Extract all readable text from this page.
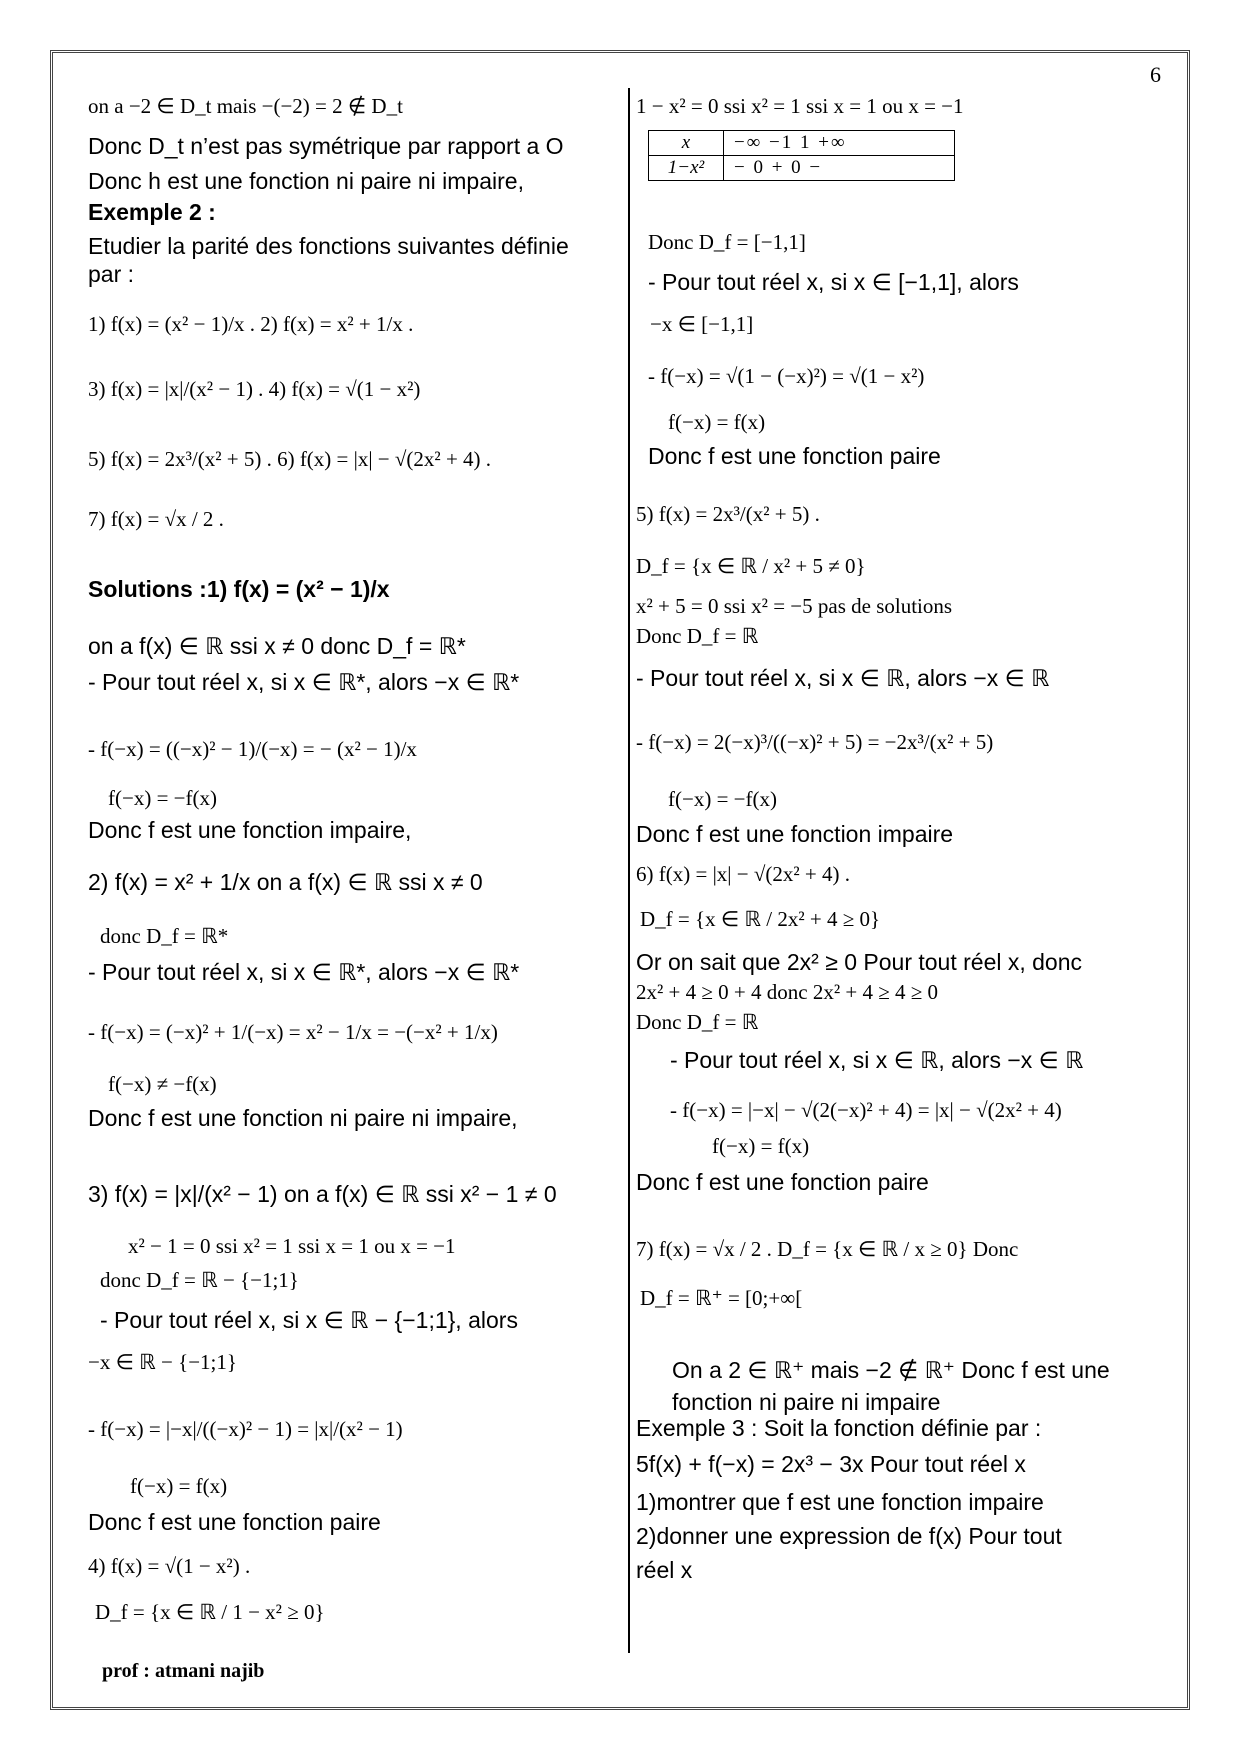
6
on a −2 ∈ D_t mais −(−2) = 2 ∉ D_t
Donc D_t n’est pas symétrique par rapport a O
Donc h est une fonction ni paire ni impaire,
Exemple 2 :
Etudier la parité des fonctions suivantes définie
par :
1) f(x) = (x² − 1)/x . 2) f(x) = x² + 1/x .
3) f(x) = |x|/(x² − 1) . 4) f(x) = √(1 − x²)
5) f(x) = 2x³/(x² + 5) . 6) f(x) = |x| − √(2x² + 4) .
7) f(x) = √x / 2 .
Solutions :1) f(x) = (x² − 1)/x
on a f(x) ∈ ℝ ssi x ≠ 0 donc D_f = ℝ*
- Pour tout réel x, si x ∈ ℝ*, alors −x ∈ ℝ*
- f(−x) = ((−x)² − 1)/(−x) = − (x² − 1)/x
f(−x) = −f(x)
Donc f est une fonction impaire,
2) f(x) = x² + 1/x on a f(x) ∈ ℝ ssi x ≠ 0
donc D_f = ℝ*
- Pour tout réel x, si x ∈ ℝ*, alors −x ∈ ℝ*
- f(−x) = (−x)² + 1/(−x) = x² − 1/x = −(−x² + 1/x)
f(−x) ≠ −f(x)
Donc f est une fonction ni paire ni impaire,
3) f(x) = |x|/(x² − 1) on a f(x) ∈ ℝ ssi x² − 1 ≠ 0
x² − 1 = 0 ssi x² = 1 ssi x = 1 ou x = −1
donc D_f = ℝ − {−1;1}
- Pour tout réel x, si x ∈ ℝ − {−1;1}, alors
−x ∈ ℝ − {−1;1}
- f(−x) = |−x|/((−x)² − 1) = |x|/(x² − 1)
f(−x) = f(x)
Donc f est une fonction paire
4) f(x) = √(1 − x²) .
D_f = {x ∈ ℝ / 1 − x² ≥ 0}
1 − x² = 0 ssi x² = 1 ssi x = 1 ou x = −1
x	−∞ −1 1 +∞
1−x²	− 0 + 0 −
Donc D_f = [−1,1]
- Pour tout réel x, si x ∈ [−1,1], alors
−x ∈ [−1,1]
- f(−x) = √(1 − (−x)²) = √(1 − x²)
f(−x) = f(x)
Donc f est une fonction paire
5) f(x) = 2x³/(x² + 5) .
D_f = {x ∈ ℝ / x² + 5 ≠ 0}
x² + 5 = 0 ssi x² = −5 pas de solutions
Donc D_f = ℝ
- Pour tout réel x, si x ∈ ℝ, alors −x ∈ ℝ
- f(−x) = 2(−x)³/((−x)² + 5) = −2x³/(x² + 5)
f(−x) = −f(x)
Donc f est une fonction impaire
6) f(x) = |x| − √(2x² + 4) .
D_f = {x ∈ ℝ / 2x² + 4 ≥ 0}
Or on sait que 2x² ≥ 0 Pour tout réel x, donc
2x² + 4 ≥ 0 + 4 donc 2x² + 4 ≥ 4 ≥ 0
Donc D_f = ℝ
- Pour tout réel x, si x ∈ ℝ, alors −x ∈ ℝ
- f(−x) = |−x| − √(2(−x)² + 4) = |x| − √(2x² + 4)
f(−x) = f(x)
Donc f est une fonction paire
7) f(x) = √x / 2 . D_f = {x ∈ ℝ / x ≥ 0} Donc
D_f = ℝ⁺ = [0;+∞[
On a 2 ∈ ℝ⁺ mais −2 ∉ ℝ⁺ Donc f est une
fonction ni paire ni impaire
Exemple 3 : Soit la fonction définie par :
5f(x) + f(−x) = 2x³ − 3x Pour tout réel x
1)montrer que f est une fonction impaire
2)donner une expression de f(x) Pour tout
réel x
prof : atmani najib
